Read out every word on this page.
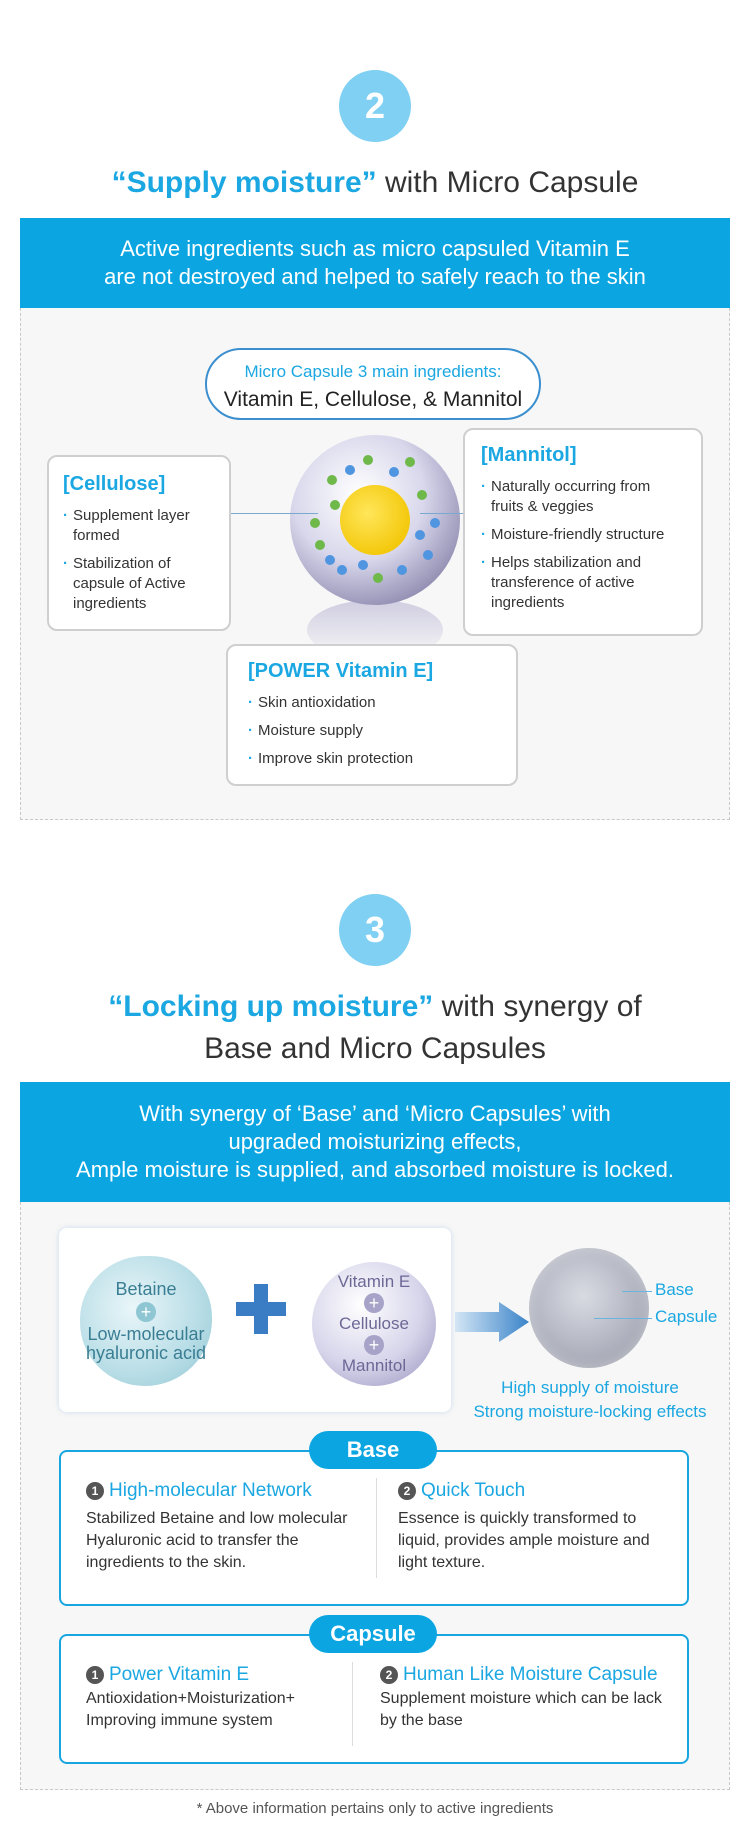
2
“Supply moisture” with Micro Capsule
Active ingredients such as micro capsuled Vitamin E
are not destroyed and helped to safely reach to the skin
Micro Capsule 3 main ingredients:
Vitamin E, Cellulose, & Mannitol
[Cellulose]
· Supplement layer formed
· Stabilization of capsule of Active ingredients
[Mannitol]
· Naturally occurring from fruits & veggies
· Moisture-friendly structure
· Helps stabilization and transference of active ingredients
[POWER Vitamin E]
· Skin antioxidation
· Moisture supply
· Improve skin protection
3
“Locking up moisture” with synergy of
Base and Micro Capsules
With synergy of ‘Base’ and ‘Micro Capsules’ with
upgraded moisturizing effects,
Ample moisture is supplied, and absorbed moisture is locked.
Betaine
+
Low-molecular
hyaluronic acid
Vitamin E
+
Cellulose
+
Mannitol
Base
Capsule
High supply of moisture
Strong moisture-locking effects
Base
1 High-molecular Network
Stabilized Betaine and low molecular Hyaluronic acid to transfer the ingredients to the skin.
2 Quick Touch
Essence is quickly transformed to liquid, provides ample moisture and light texture.
Capsule
1 Power Vitamin E
Antioxidation+Moisturization+ Improving immune system
2 Human Like Moisture Capsule
Supplement moisture which can be lack by the base
* Above information pertains only to active ingredients
